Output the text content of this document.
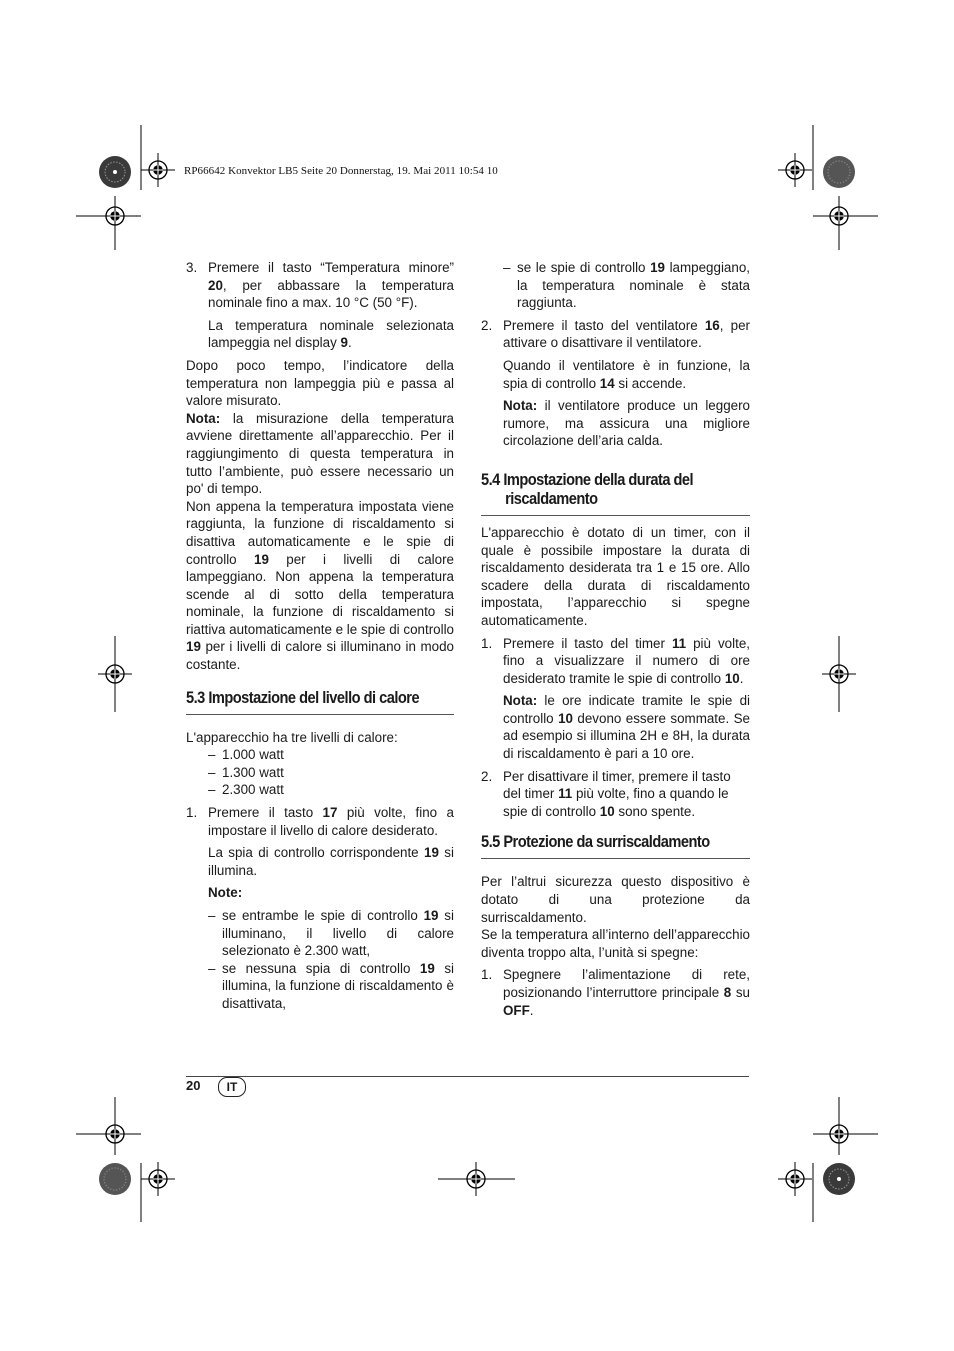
RP66642 Konvektor LB5 Seite 20 Donnerstag, 19. Mai 2011 10:54 10
3. Premere il tasto “Temperatura minore” 20, per abbassare la temperatura nominale fino a max. 10 °C (50 °F).

La temperatura nominale selezionata lampeggia nel display 9.

Dopo poco tempo, l’indicatore della temperatura non lampeggia più e passa al valore misurato.

Nota: la misurazione della temperatura avviene direttamente all’apparecchio. Per il raggiungimento di questa temperatura in tutto l’ambiente, può essere necessario un po' di tempo.

Non appena la temperatura impostata viene raggiunta, la funzione di riscaldamento si disattiva automaticamente e le spie di controllo 19 per i livelli di calore lampeggiano. Non appena la temperatura scende al di sotto della temperatura nominale, la funzione di riscaldamento si riattiva automaticamente e le spie di controllo 19 per i livelli di calore si illuminano in modo costante.

5.3 Impostazione del livello di calore

L'apparecchio ha tre livelli di calore:

– 1.000 watt
– 1.300 watt
– 2.300 watt
1. Premere il tasto 17 più volte, fino a impostare il livello di calore desiderato.

La spia di controllo corrispondente 19 si illumina.

Note:

– se entrambe le spie di controllo 19 si illuminano, il livello di calore selezionato è 2.300 watt,

– se nessuna spia di controllo 19 si illumina, la funzione di riscaldamento è disattivata,

– se le spie di controllo 19 lampeggiano, la temperatura nominale è stata raggiunta.

2. Premere il tasto del ventilatore 16, per attivare o disattivare il ventilatore.

Quando il ventilatore è in funzione, la spia di controllo 14 si accende.

Nota: il ventilatore produce un leggero rumore, ma assicura una migliore circolazione dell’aria calda.

5.4 Impostazione della durata del
riscaldamento

L'apparecchio è dotato di un timer, con il quale è possibile impostare la durata di riscaldamento desiderata tra 1 e 15 ore. Allo scadere della durata di riscaldamento impostata, l’apparecchio si spegne automaticamente.

1. Premere il tasto del timer 11 più volte, fino a visualizzare il numero di ore desiderato tramite le spie di controllo 10.

Nota: le ore indicate tramite le spie di controllo 10 devono essere sommate. Se ad esempio si illumina 2H e 8H, la durata di riscaldamento è pari a 10 ore.

2. Per disattivare il timer, premere il tasto del timer 11 più volte, fino a quando le spie di controllo 10 sono spente.

5.5 Protezione da surriscaldamento

Per l’altrui sicurezza questo dispositivo è dotato di una protezione da surriscaldamento.

Se la temperatura all’interno dell’apparecchio diventa troppo alta, l’unità si spegne:

1. Spegnere l’alimentazione di rete, posizionando l’interruttore principale 8 su OFF.

20	IT
